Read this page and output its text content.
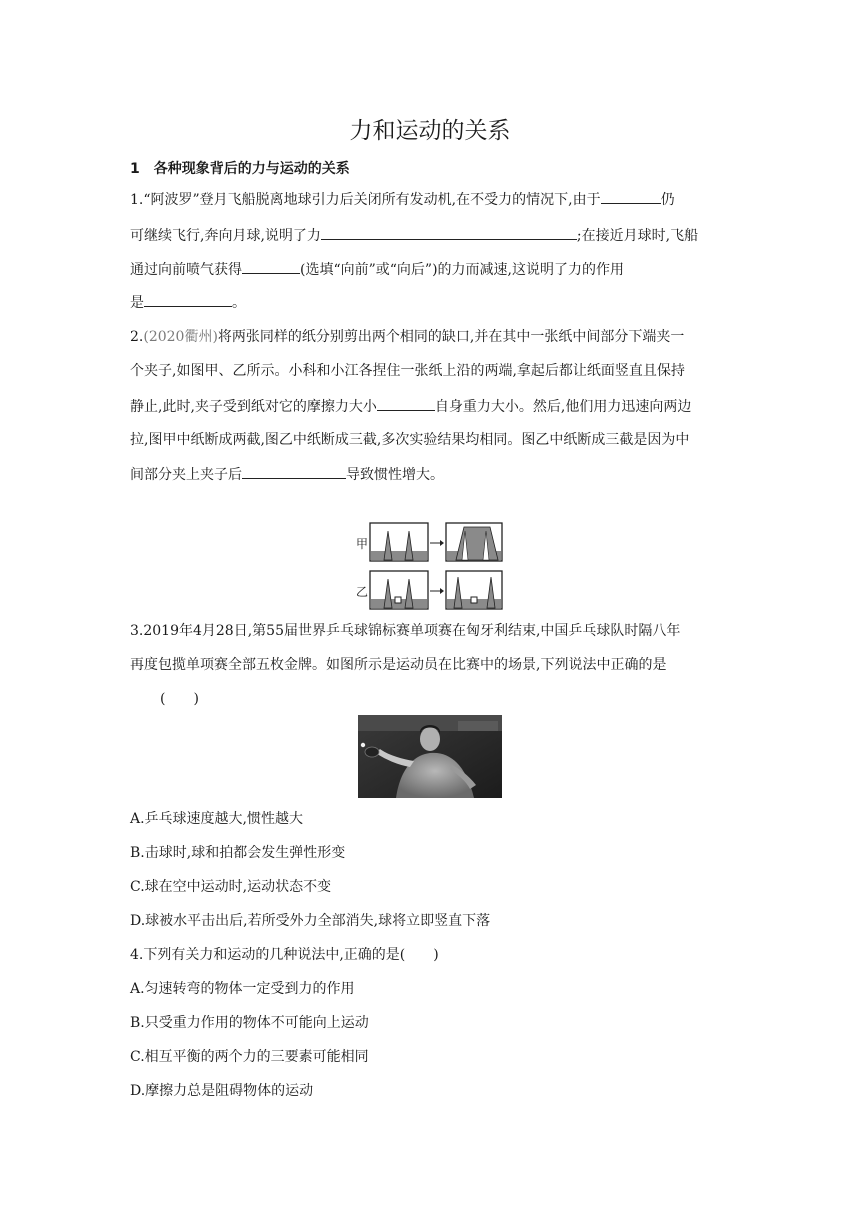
力和运动的关系
1　各种现象背后的力与运动的关系
1.“阿波罗”登月飞船脱离地球引力后关闭所有发动机,在不受力的情况下,由于	仍
可继续飞行,奔向月球,说明了力	;在接近月球时,飞船
通过向前喷气获得	(选填“向前”或“向后”)的力而减速,这说明了力的作用
是	。
2.(2020衢州)将两张同样的纸分别剪出两个相同的缺口,并在其中一张纸中间部分下端夹一
个夹子,如图甲、乙所示。小科和小江各捏住一张纸上沿的两端,拿起后都让纸面竖直且保持
静止,此时,夹子受到纸对它的摩擦力大小	自身重力大小。然后,他们用力迅速向两边
拉,图甲中纸断成两截,图乙中纸断成三截,多次实验结果均相同。图乙中纸断成三截是因为中
间部分夹上夹子后	导致惯性增大。
甲
乙
3.2019年4月28日,第55届世界乒乓球锦标赛单项赛在匈牙利结束,中国乒乓球队时隔八年
再度包揽单项赛全部五枚金牌。如图所示是运动员在比赛中的场景,下列说法中正确的是
(　　)
A.乒乓球速度越大,惯性越大
B.击球时,球和拍都会发生弹性形变
C.球在空中运动时,运动状态不变
D.球被水平击出后,若所受外力全部消失,球将立即竖直下落
4.下列有关力和运动的几种说法中,正确的是(　　)
A.匀速转弯的物体一定受到力的作用
B.只受重力作用的物体不可能向上运动
C.相互平衡的两个力的三要素可能相同
D.摩擦力总是阻碍物体的运动
